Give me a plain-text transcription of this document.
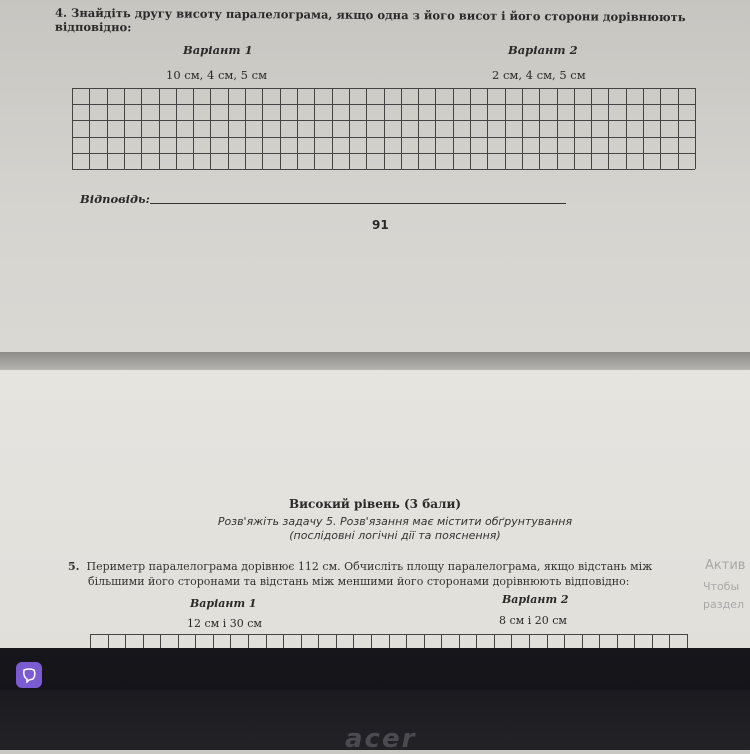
4. Знайдіть другу висоту паралелограма, якщо одна з його висот і його сторони дорівнюють відповідно:
Варіант 1
10 см, 4 см, 5 см
Варіант 2
2 см, 4 см, 5 см
Відповідь:
91
Високий рівень (3 бали)
Розв'яжіть задачу 5. Розв'язання має містити обґрунтування
(послідовні логічні дії та пояснення)
5. Периметр паралелограма дорівнює 112 см. Обчисліть площу паралелограма, якщо відстань між
більшими його сторонами та відстань між меншими його сторонами дорівнюють відповідно:
Варіант 1
12 см і 30 см
Варіант 2
8 см і 20 см
Актив
Чтобы
раздел
acer
